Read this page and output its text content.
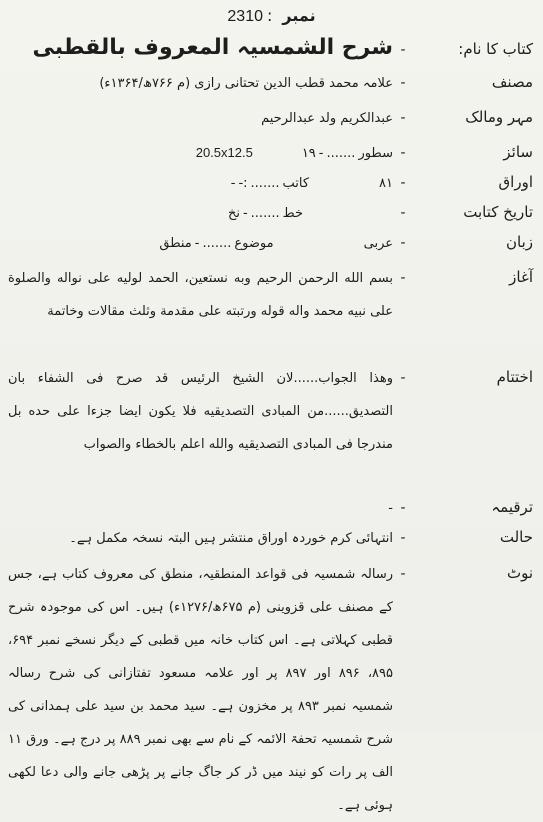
نمبر:2310
کتاب کا نام:
-
شرح الشمسیہ المعروف بالقطبی
مصنف
-
علامہ محمد قطب الدین تحتانی رازی (م ۷۶۶ھ/۱۳۶۴ء)
مہر ومالک
-
عبدالکریم ولد عبدالرحیم
سائز
-
سطور.......-۱۹
20.5x12.5
اوراق
-
۸۱
کاتب.......:--
تاریخ کتابت
-
خط.......-نخ
زبان
-
عربی
موضوع.......-منطق
آغاز
-
بسم الله الرحمن الرحيم وبه نستعين، الحمد لوليه على نواله والصلوة على نبيه محمد واله قوله ورتبته على مقدمة وثلث مقالات وخاتمة
اختتام
-
وهذا الجواب......لان الشيخ الرئيس قد صرح فى الشفاء بان التصديق......من المبادى التصديقيه فلا يكون ايضا جزءا على حده بل مندرجا فى المبادى التصديقيه والله اعلم بالخطاء والصواب
ترقیمہ
-
-
حالت
-
انتہائی کرم خوردہ اوراق منتشر ہیں البتہ نسخہ مکمل ہے۔
نوٹ
-
رسالہ شمسیہ فی قواعد المنطقیہ، منطق کی معروف کتاب ہے، جس کے مصنف علی قزوینی (م ۶۷۵ھ/۱۲۷۶ء) ہیں۔ اس کی موجودہ شرح قطبی کہلاتی ہے۔ اس کتاب خانہ میں قطبی کے دیگر نسخے نمبر ۶۹۴، ۸۹۵، ۸۹۶ اور ۸۹۷ پر اور علامہ مسعود تفتازانی کی شرح رسالہ شمسیہ نمبر ۸۹۳ پر مخزون ہے۔ سید محمد بن سید علی ہمدانی کی شرح شمسیہ تحفۃ الائمہ کے نام سے بھی نمبر ۸۸۹ پر درج ہے۔ ورق ۱۱ الف پر رات کو نیند میں ڈر کر جاگ جانے پر پڑھی جانے والی دعا لکھی ہوئی ہے۔
